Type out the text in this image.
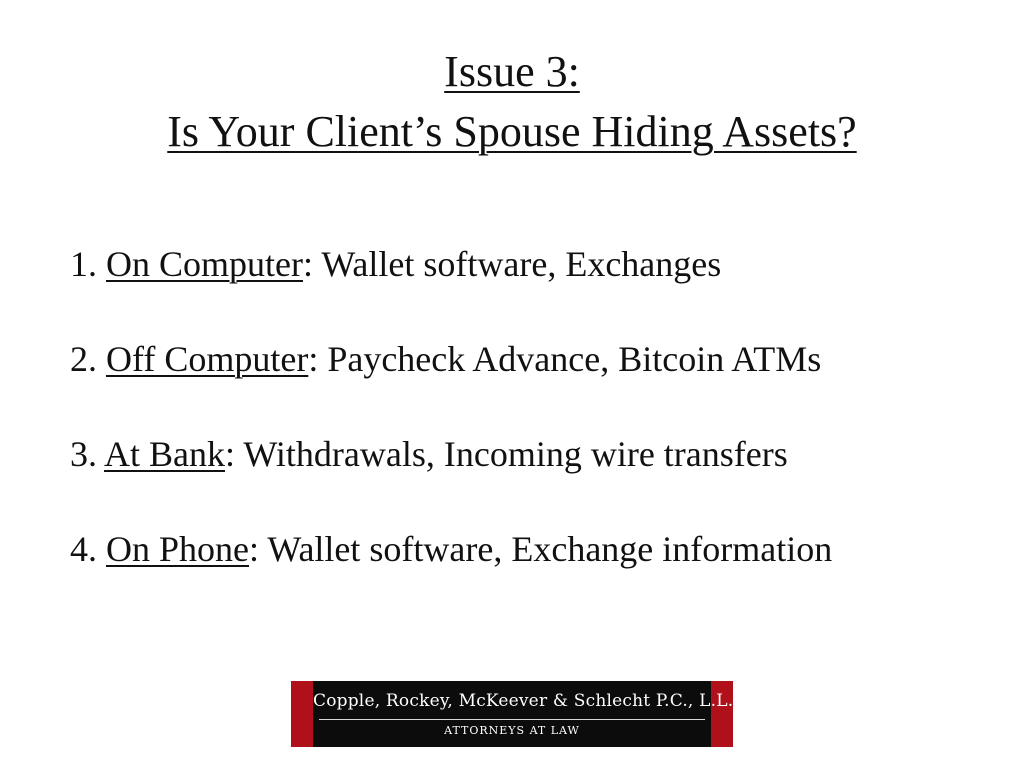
Issue 3:
Is Your Client’s Spouse Hiding Assets?
1. On Computer: Wallet software, Exchanges
2. Off Computer: Paycheck Advance, Bitcoin ATMs
3. At Bank: Withdrawals, Incoming wire transfers
4. On Phone: Wallet software, Exchange information
Copple, Rockey, McKeever & Schlecht P.C., L.L.O.
ATTORNEYS AT LAW
